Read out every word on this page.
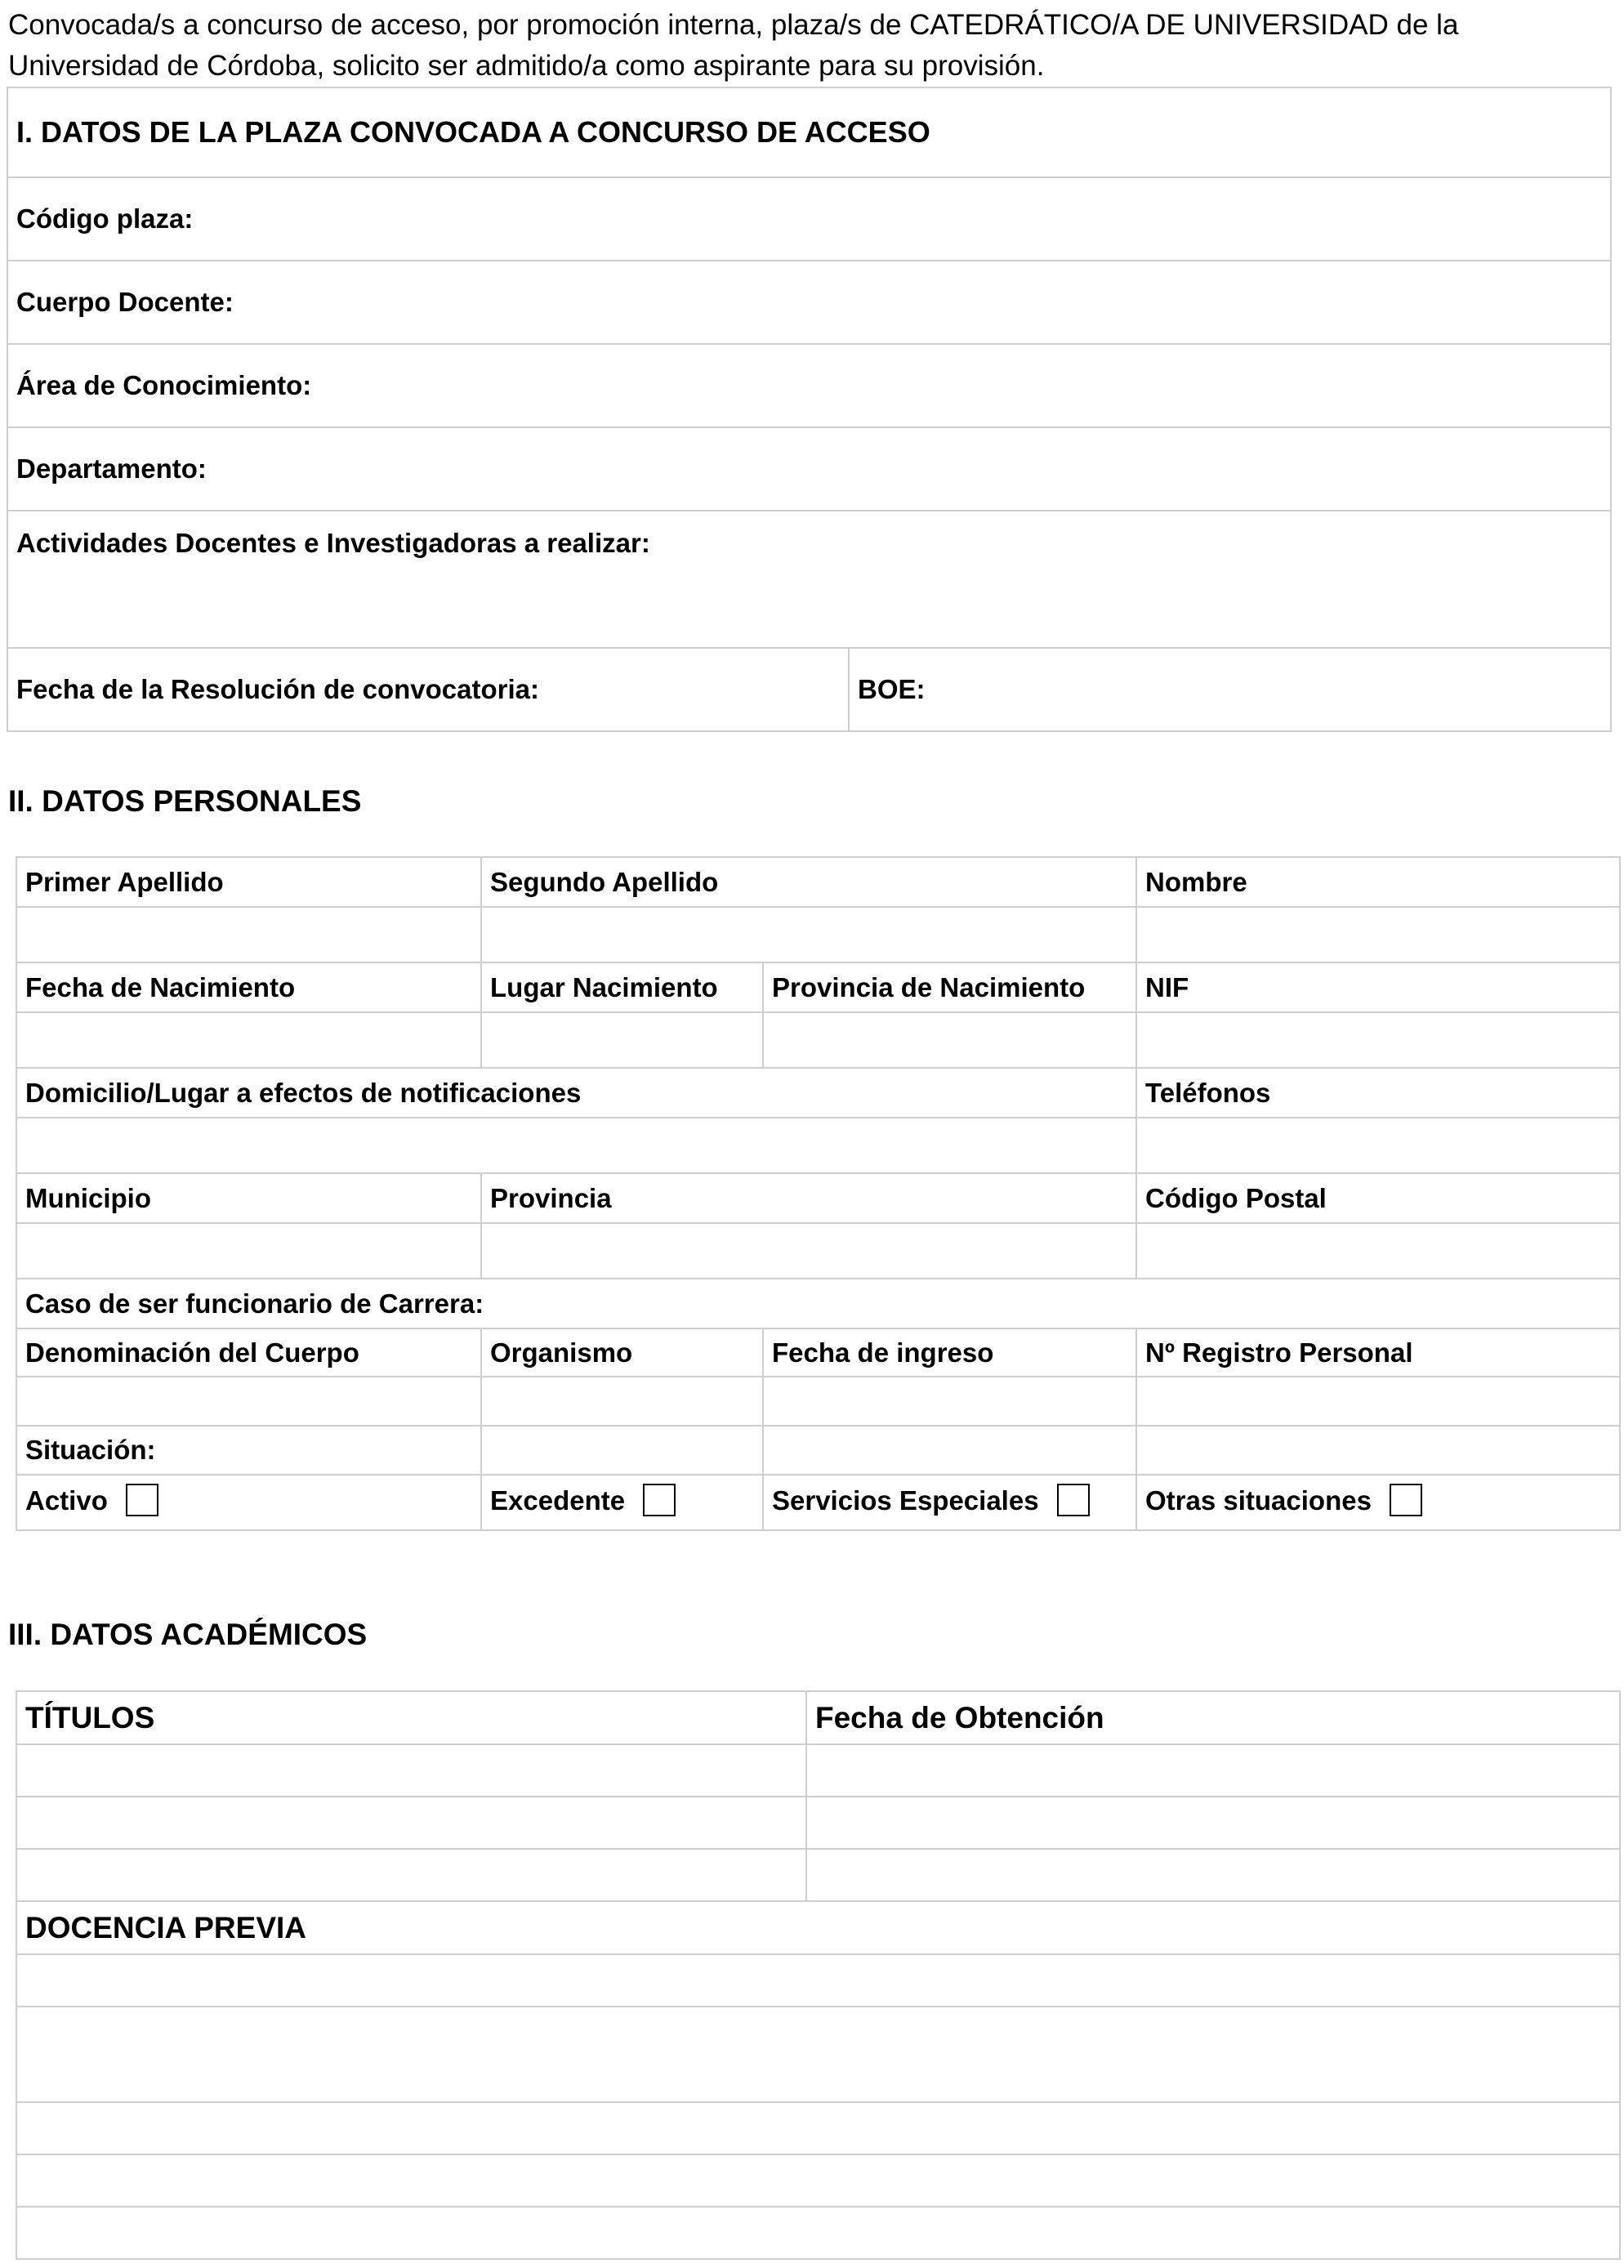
Convocada/s a concurso de acceso, por promoción interna, plaza/s de CATEDRÁTICO/A DE UNIVERSIDAD de la Universidad de Córdoba, solicito ser admitido/a como aspirante para su provisión.
I. DATOS DE LA PLAZA CONVOCADA A CONCURSO DE ACCESO
Código plaza:
Cuerpo Docente:
Área de Conocimiento:
Departamento:
Actividades Docentes e Investigadoras a realizar:
Fecha de la Resolución de convocatoria:	BOE:
II. DATOS PERSONALES
Primer Apellido	Segundo Apellido		Nombre

Fecha de Nacimiento	Lugar Nacimiento	Provincia de Nacimiento	NIF

Domicilio/Lugar a efectos de notificaciones			Teléfonos

Municipio	Provincia		Código Postal

Caso de ser funcionario de Carrera:			
Denominación del Cuerpo	Organismo	Fecha de ingreso	Nº Registro Personal

Situación:			
Activo	Excedente	Servicios Especiales	Otras situaciones
III. DATOS ACADÉMICOS
TÍTULOS	Fecha de Obtención

DOCENCIA PREVIA	
